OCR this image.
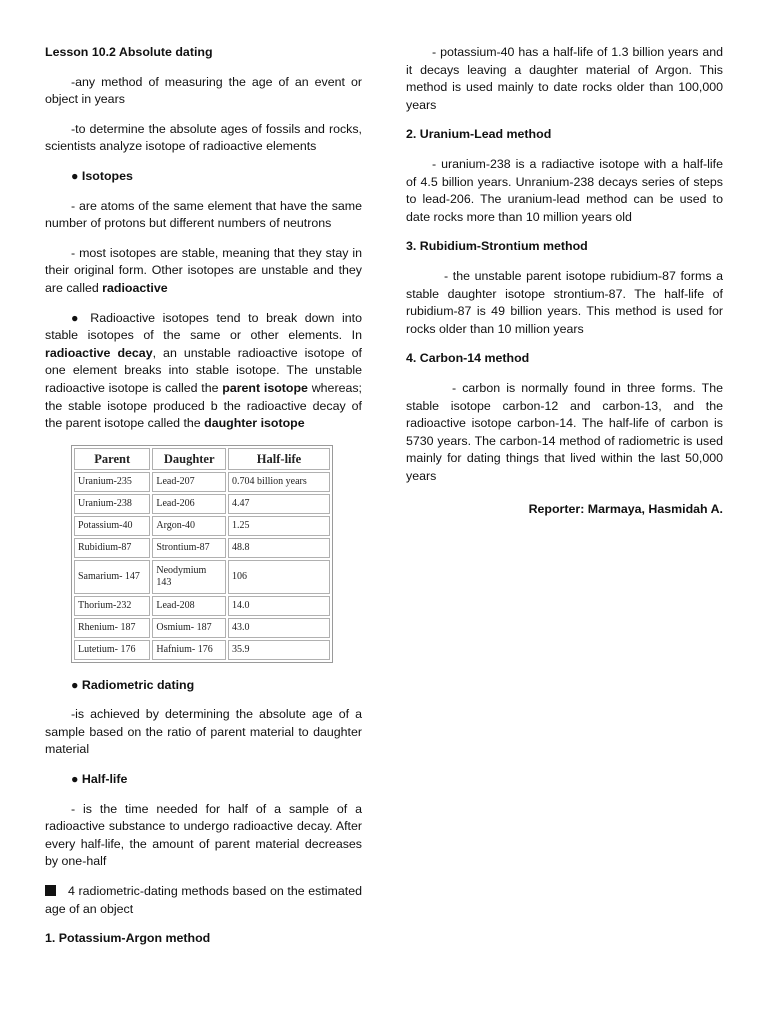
Lesson 10.2 Absolute dating

-any method of measuring the age of an event or object in years

-to determine the absolute ages of fossils and rocks, scientists analyze isotope of radioactive elements

● Isotopes

- are atoms of the same element that have the same number of protons but different numbers of neutrons

- most isotopes are stable, meaning that they stay in their original form. Other isotopes are unstable and they are called radioactive

● Radioactive isotopes tend to break down into stable isotopes of the same or other elements. In radioactive decay, an unstable radioactive isotope of one element breaks into stable isotope. The unstable radioactive isotope is called the parent isotope whereas; the stable isotope produced b the radioactive decay of the parent isotope called the daughter isotope

Parent	Daughter	Half-life
Uranium-235	Lead-207	0.704 billion years
Uranium-238	Lead-206	4.47
Potassium-40	Argon-40	1.25
Rubidium-87	Strontium-87	48.8
Samarium- 147	Neodymium 143	106
Thorium-232	Lead-208	14.0
Rhenium- 187	Osmium- 187	43.0
Lutetium- 176	Hafnium- 176	35.9

● Radiometric dating

-is achieved by determining the absolute age of a sample based on the ratio of parent material to daughter material

● Half-life

- is the time needed for half of a sample of a radioactive substance to undergo radioactive decay. After every half-life, the amount of parent material decreases by one-half

4 radiometric-dating methods based on the estimated age of an object

1. Potassium-Argon method

- potassium-40 has a half-life of 1.3 billion years and it decays leaving a daughter material of Argon. This method is used mainly to date rocks older than 100,000 years

2. Uranium-Lead method

- uranium-238 is a radiactive isotope with a half-life of 4.5 billion years. Unranium-238 decays series of steps to lead-206. The uranium-lead method can be used to date rocks more than 10 million years old

3. Rubidium-Strontium method

- the unstable parent isotope rubidium-87 forms a stable daughter isotope strontium-87. The half-life of rubidium-87 is 49 billion years. This method is used for rocks older than 10 million years

4. Carbon-14 method

- carbon is normally found in three forms. The stable isotope carbon-12 and carbon-13, and the radioactive isotope carbon-14. The half-life of carbon is 5730 years. The carbon-14 method of radiometric is used mainly for dating things that lived within the last 50,000 years

Reporter: Marmaya, Hasmidah A.
